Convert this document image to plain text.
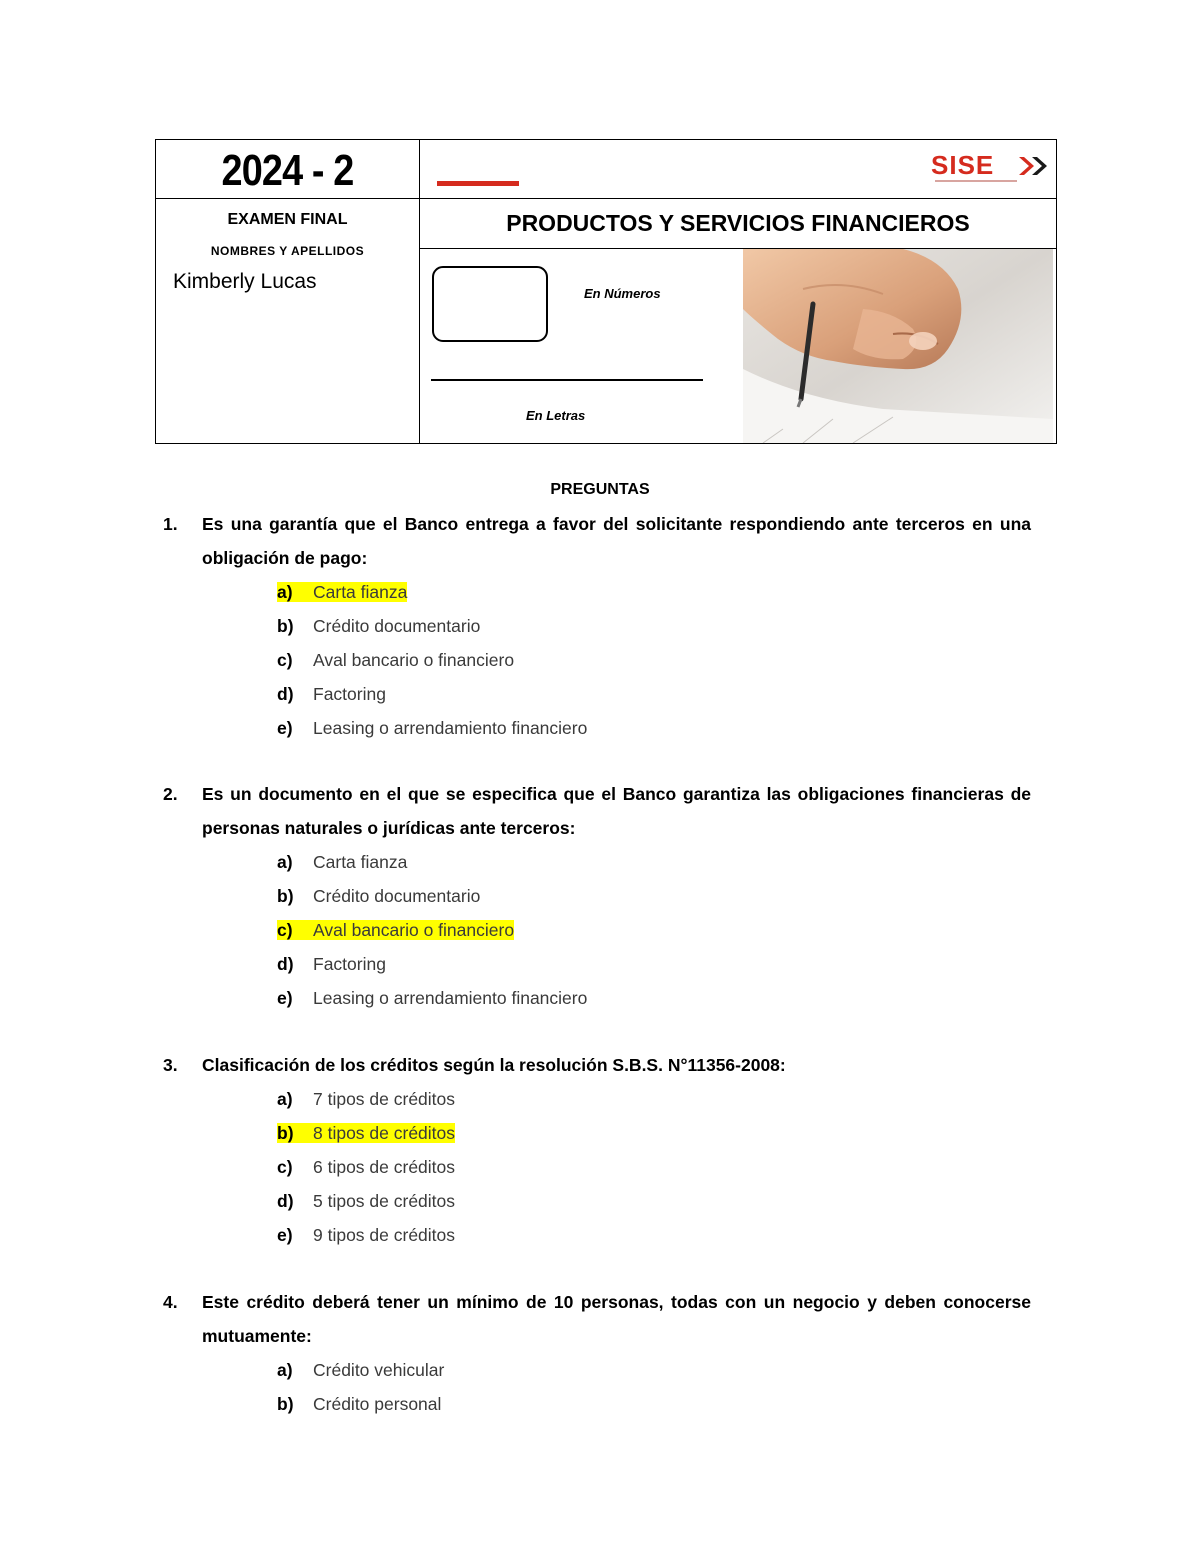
2024 - 2	SISE
EXAMEN FINAL
NOMBRES Y APELLIDOS
Kimberly Lucas
PRODUCTOS Y SERVICIOS FINANCIEROS
En Números
En Letras
PREGUNTAS
1. Es una garantía que el Banco entrega a favor del solicitante respondiendo ante terceros en una obligación de pago:
a) Carta fianza
b) Crédito documentario
c) Aval bancario o financiero
d) Factoring
e) Leasing o arrendamiento financiero
2. Es un documento en el que se especifica que el Banco garantiza las obligaciones financieras de personas naturales o jurídicas ante terceros:
a) Carta fianza
b) Crédito documentario
c) Aval bancario o financiero
d) Factoring
e) Leasing o arrendamiento financiero
3. Clasificación de los créditos según la resolución S.B.S. N°11356-2008:
a) 7 tipos de créditos
b) 8 tipos de créditos
c) 6 tipos de créditos
d) 5 tipos de créditos
e) 9 tipos de créditos
4. Este crédito deberá tener un mínimo de 10 personas, todas con un negocio y deben conocerse mutuamente:
a) Crédito vehicular
b) Crédito personal
